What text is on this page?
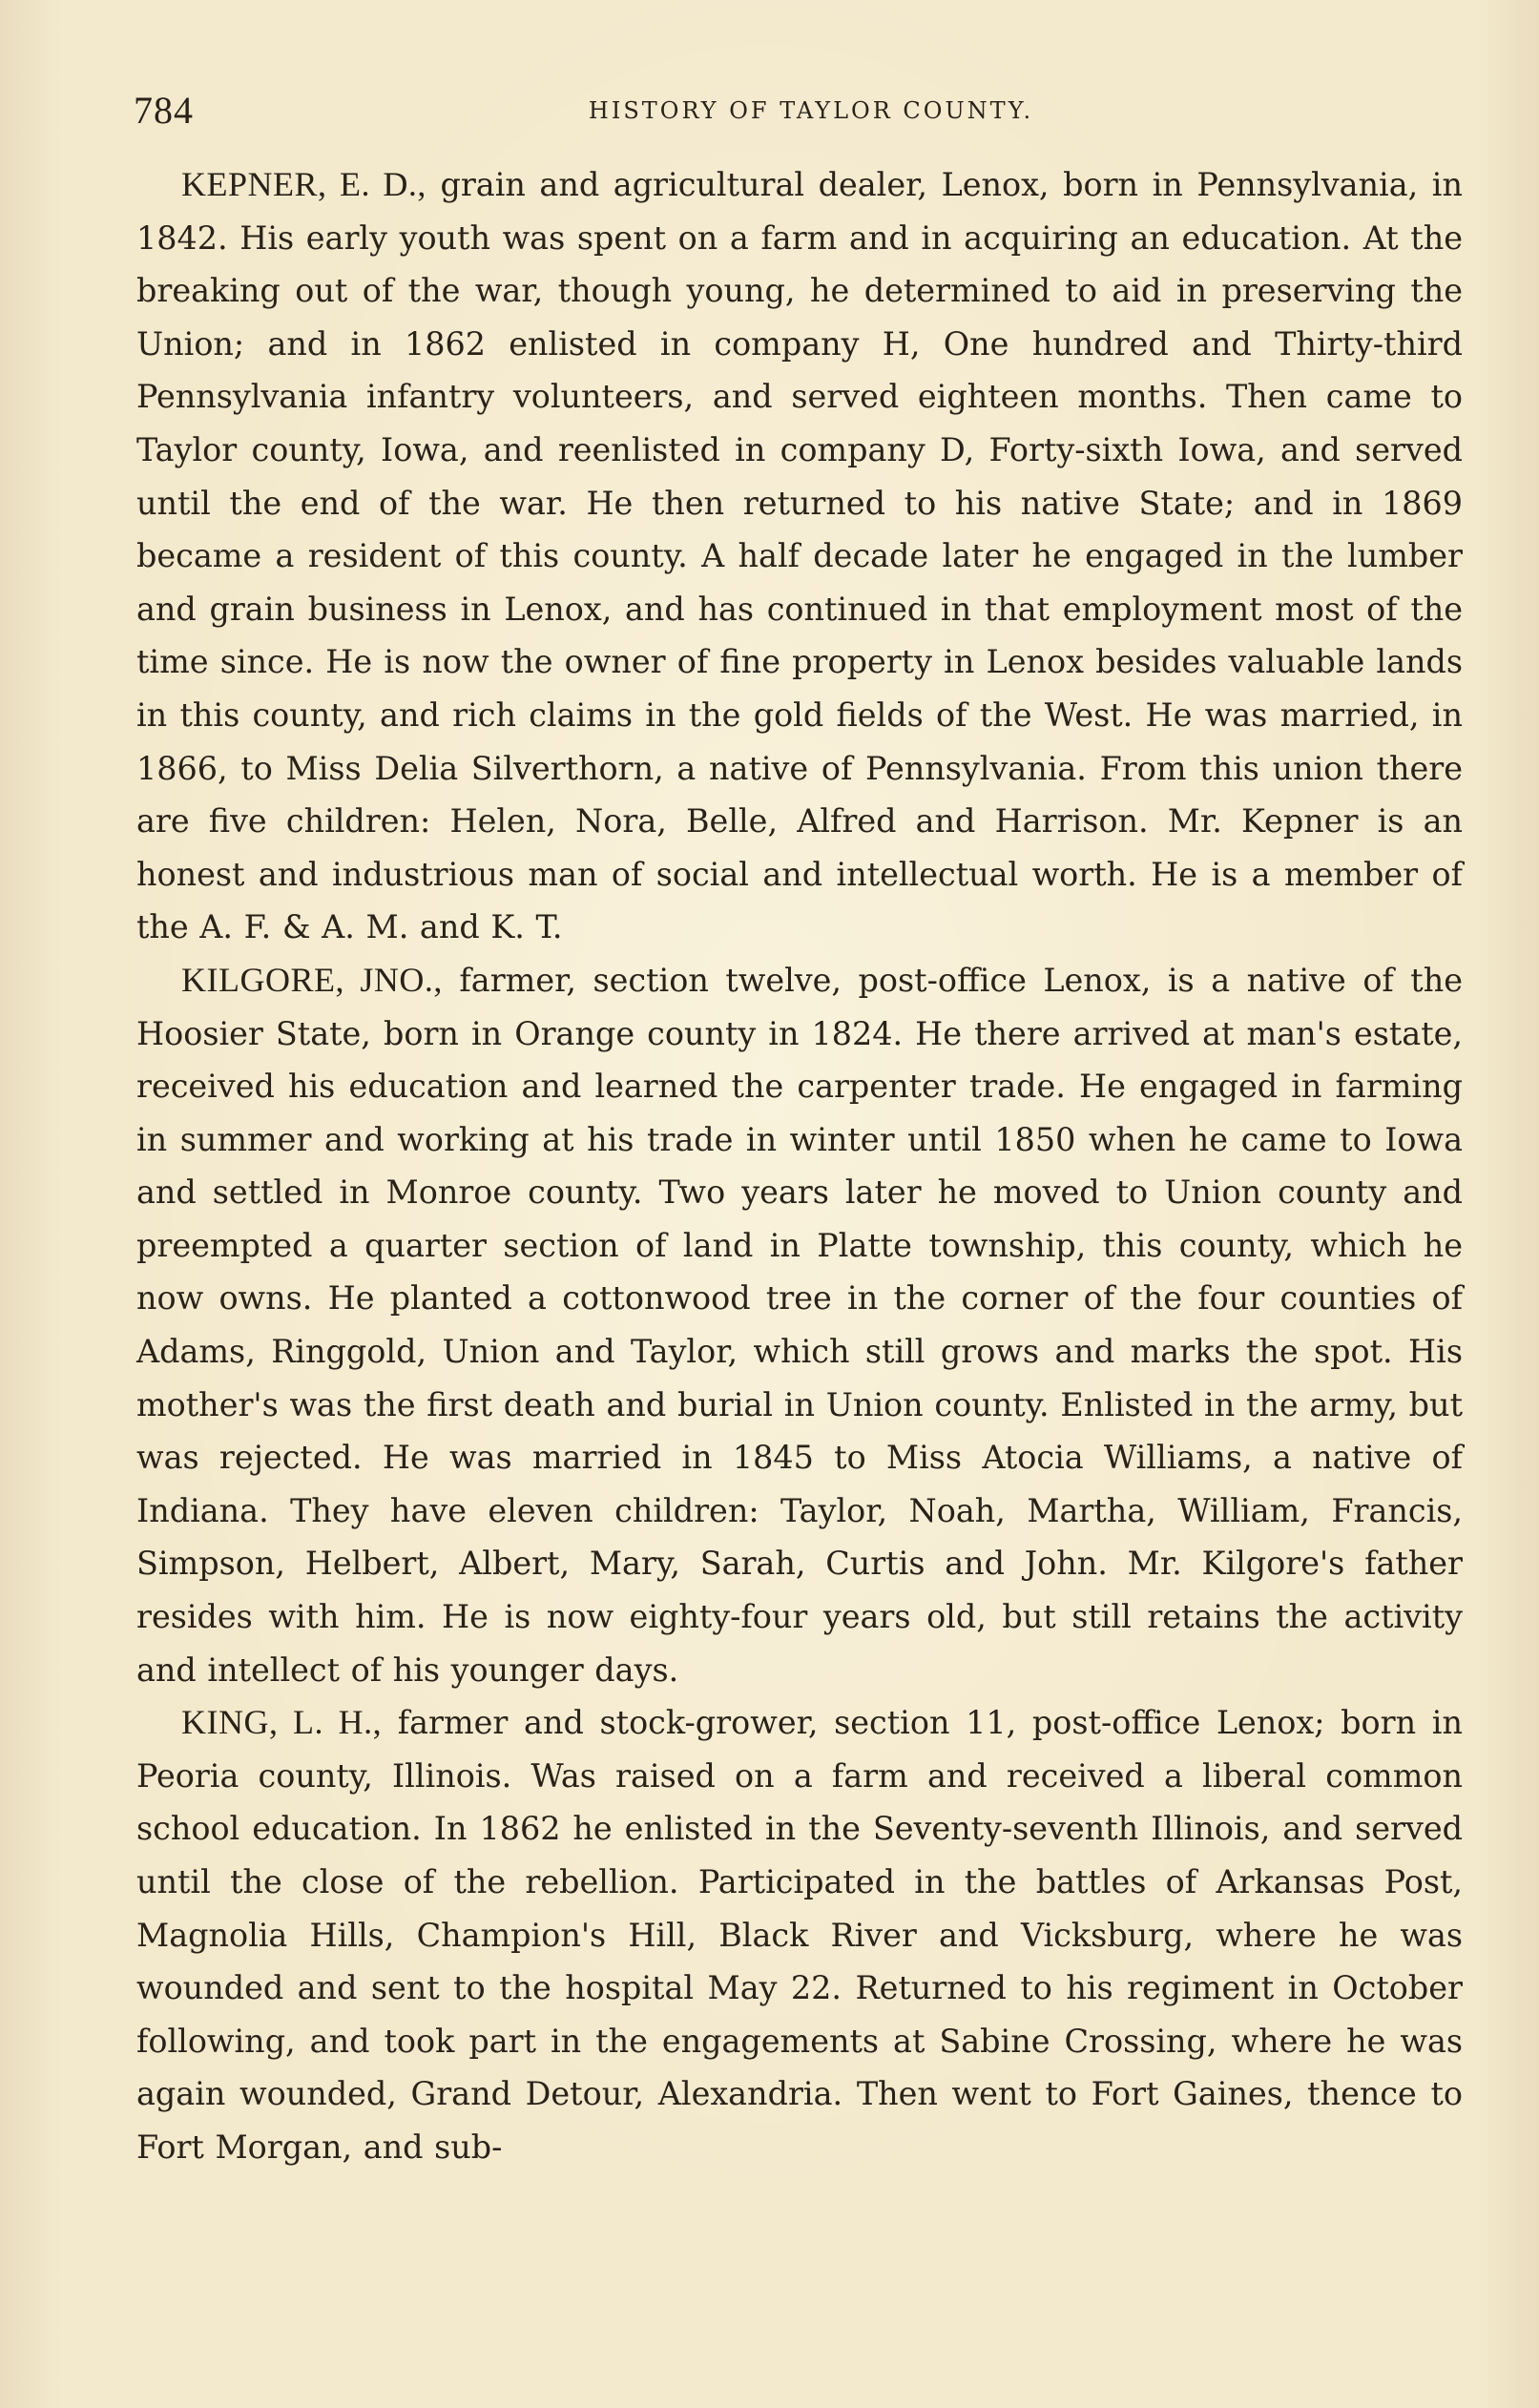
784	HISTORY OF TAYLOR COUNTY.

KEPNER, E. D., grain and agricultural dealer, Lenox, born in Pennsylvania, in 1842. His early youth was spent on a farm and in acquiring an education. At the breaking out of the war, though young, he determined to aid in preserving the Union; and in 1862 enlisted in company H, One hundred and Thirty-third Pennsylvania infantry volunteers, and served eighteen months. Then came to Taylor county, Iowa, and reenlisted in company D, Forty-sixth Iowa, and served until the end of the war. He then returned to his native State; and in 1869 became a resident of this county. A half decade later he engaged in the lumber and grain business in Lenox, and has continued in that employment most of the time since. He is now the owner of fine property in Lenox besides valuable lands in this county, and rich claims in the gold fields of the West. He was married, in 1866, to Miss Delia Silverthorn, a native of Pennsylvania. From this union there are five children: Helen, Nora, Belle, Alfred and Harrison. Mr. Kepner is an honest and industrious man of social and intellectual worth. He is a member of the A. F. & A. M. and K. T.

KILGORE, JNO., farmer, section twelve, post-office Lenox, is a native of the Hoosier State, born in Orange county in 1824. He there arrived at man's estate, received his education and learned the carpenter trade. He engaged in farming in summer and working at his trade in winter until 1850 when he came to Iowa and settled in Monroe county. Two years later he moved to Union county and preempted a quarter section of land in Platte township, this county, which he now owns. He planted a cottonwood tree in the corner of the four counties of Adams, Ringgold, Union and Taylor, which still grows and marks the spot. His mother's was the first death and burial in Union county. Enlisted in the army, but was rejected. He was married in 1845 to Miss Atocia Williams, a native of Indiana. They have eleven children: Taylor, Noah, Martha, William, Francis, Simpson, Helbert, Albert, Mary, Sarah, Curtis and John. Mr. Kilgore's father resides with him. He is now eighty-four years old, but still retains the activity and intellect of his younger days.

KING, L. H., farmer and stock-grower, section 11, post-office Lenox; born in Peoria county, Illinois. Was raised on a farm and received a liberal common school education. In 1862 he enlisted in the Seventy-seventh Illinois, and served until the close of the rebellion. Participated in the battles of Arkansas Post, Magnolia Hills, Champion's Hill, Black River and Vicksburg, where he was wounded and sent to the hospital May 22. Returned to his regiment in October following, and took part in the engagements at Sabine Crossing, where he was again wounded, Grand Detour, Alexandria. Then went to Fort Gaines, thence to Fort Morgan, and sub-
